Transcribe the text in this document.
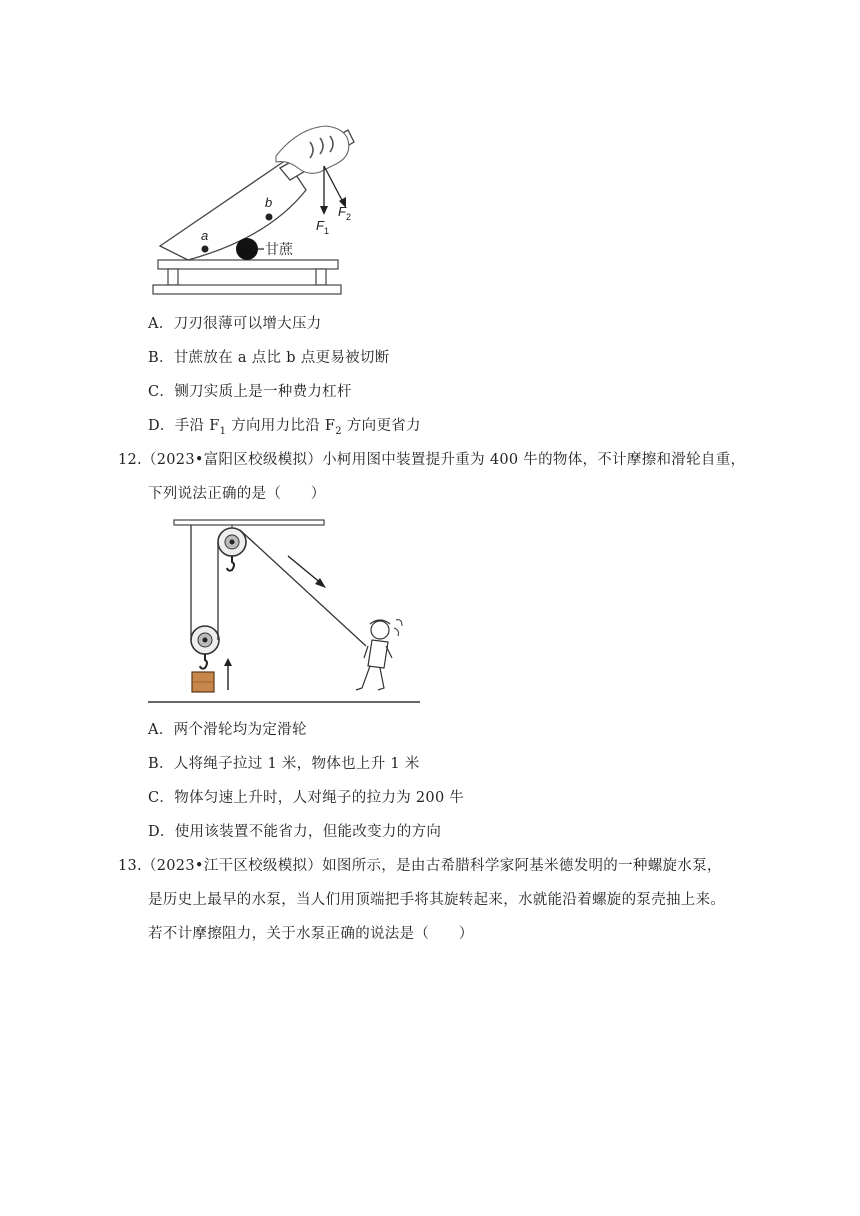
a
b
甘蔗
$F_1$
$F_2$
A．刀刃很薄可以增大压力
B．甘蔗放在 a 点比 b 点更易被切断
C．铡刀实质上是一种费力杠杆
D．手沿 $F_1$ 方向用力比沿 $F_2$ 方向更省力
12.（2023•富阳区校级模拟）小柯用图中装置提升重为 400 牛的物体，不计摩擦和滑轮自重，
下列说法正确的是（　　）
A．两个滑轮均为定滑轮
B．人将绳子拉过 1 米，物体也上升 1 米
C．物体匀速上升时，人对绳子的拉力为 200 牛
D．使用该装置不能省力，但能改变力的方向
13.（2023•江干区校级模拟）如图所示，是由古希腊科学家阿基米德发明的一种螺旋水泵，
是历史上最早的水泵，当人们用顶端把手将其旋转起来，水就能沿着螺旋的泵壳抽上来。
若不计摩擦阻力，关于水泵正确的说法是（　　）
